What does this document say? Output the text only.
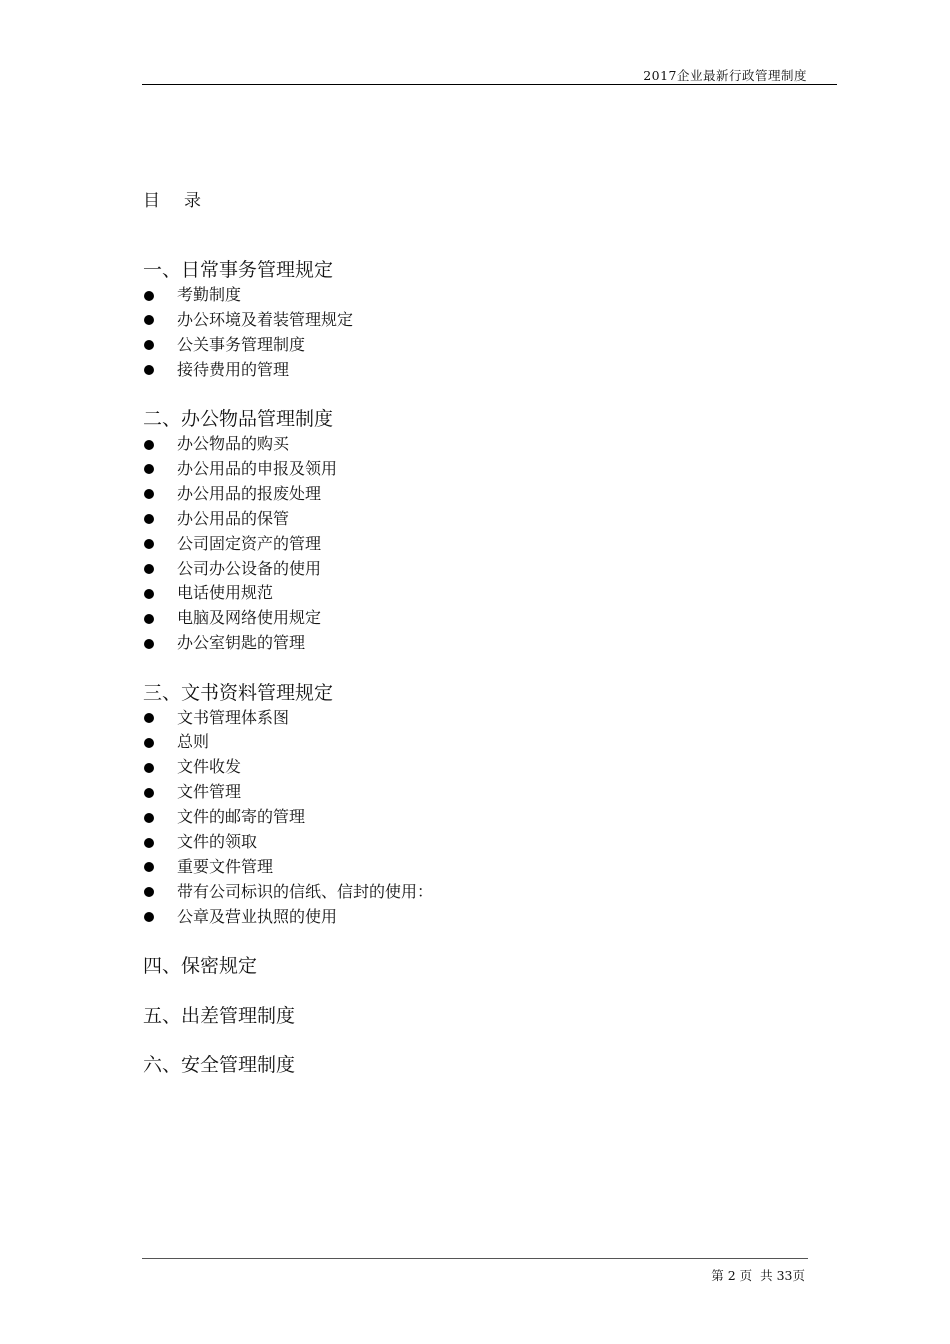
2017企业最新行政管理制度
目 录
一、日常事务管理规定
考勤制度
办公环境及着装管理规定
公关事务管理制度
接待费用的管理
二、办公物品管理制度
办公物品的购买
办公用品的申报及领用
办公用品的报废处理
办公用品的保管
公司固定资产的管理
公司办公设备的使用
电话使用规范
电脑及网络使用规定
办公室钥匙的管理
三、文书资料管理规定
文书管理体系图
总则
文件收发
文件管理
文件的邮寄的管理
文件的领取
重要文件管理
带有公司标识的信纸、信封的使用：
公章及营业执照的使用
四、保密规定
五、出差管理制度
六、安全管理制度
第 2 页  共 33页
